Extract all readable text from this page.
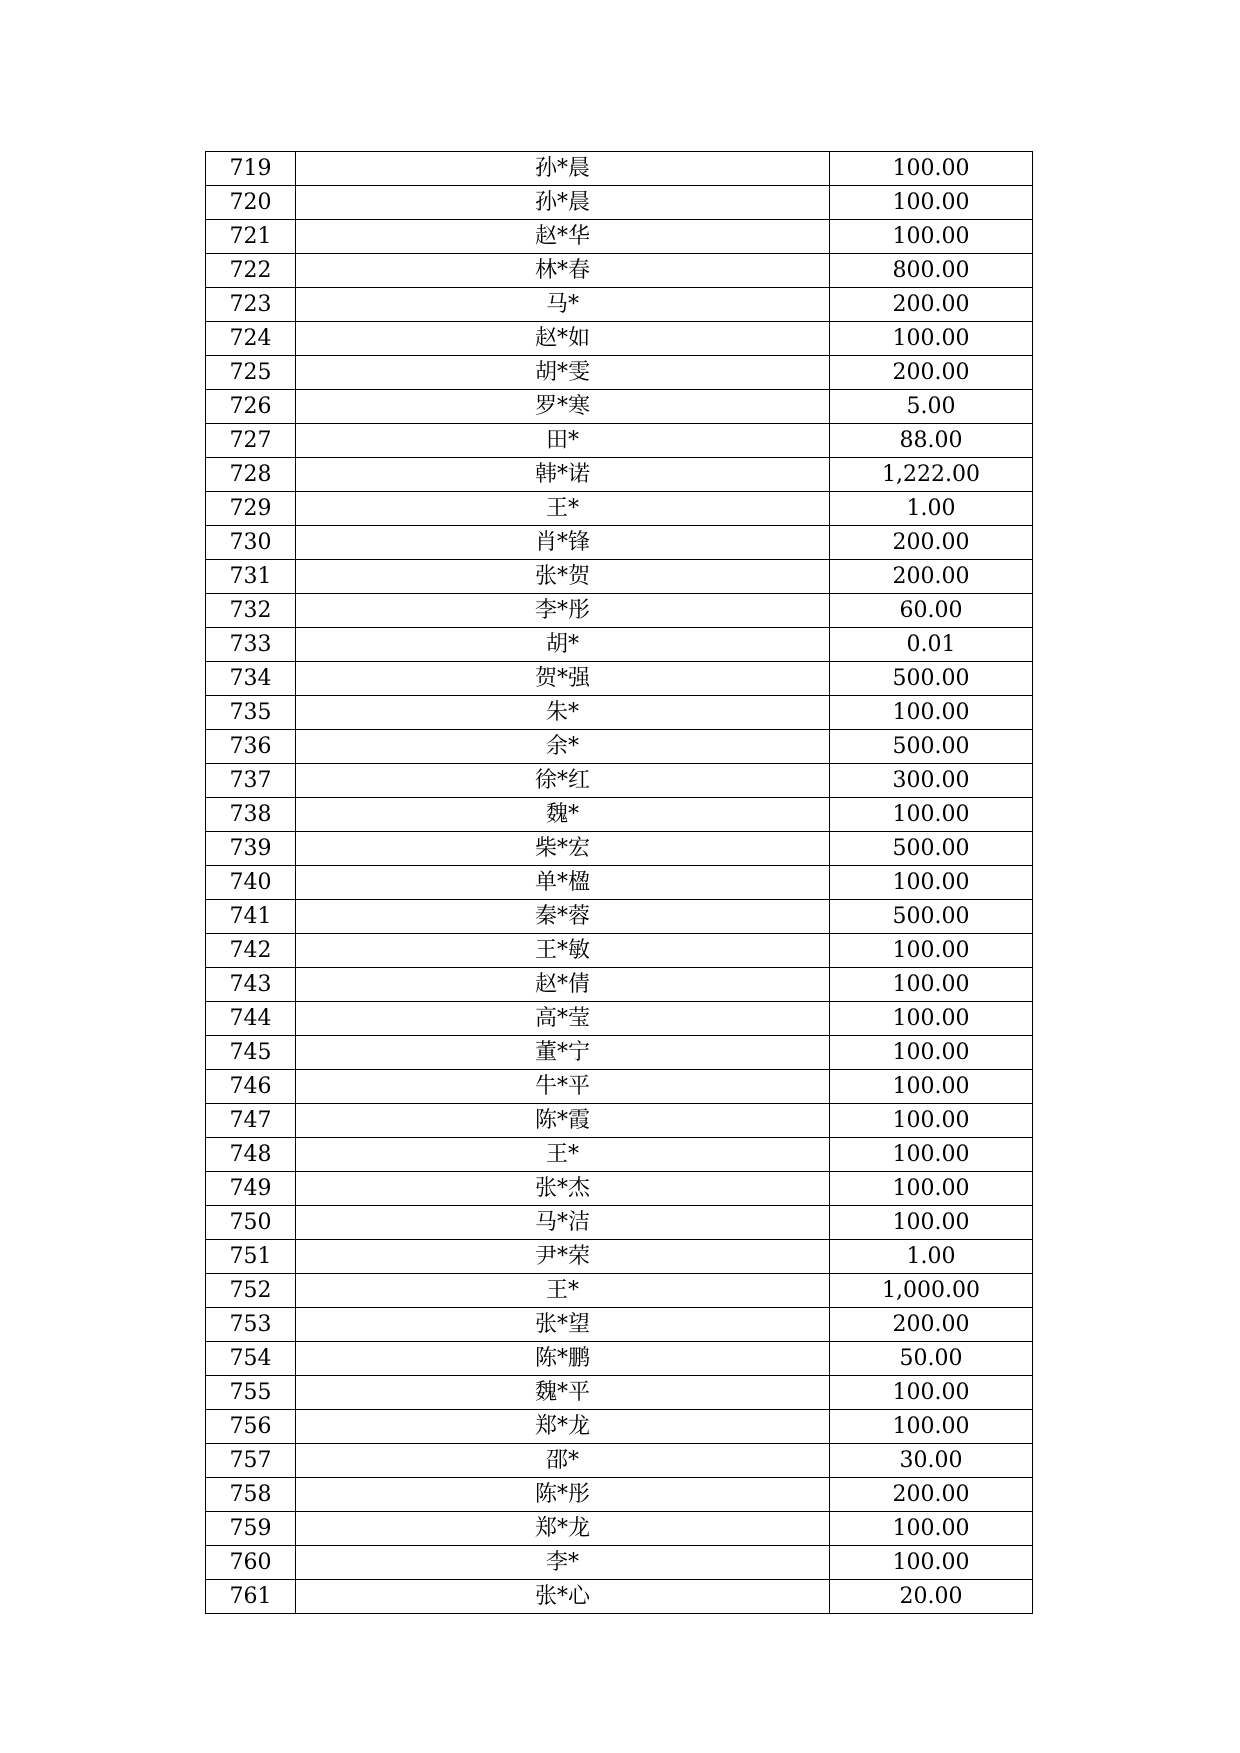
719	孙*晨	100.00
720	孙*晨	100.00
721	赵*华	100.00
722	林*春	800.00
723	马*	200.00
724	赵*如	100.00
725	胡*雯	200.00
726	罗*寒	5.00
727	田*	88.00
728	韩*诺	1,222.00
729	王*	1.00
730	肖*锋	200.00
731	张*贺	200.00
732	李*彤	60.00
733	胡*	0.01
734	贺*强	500.00
735	朱*	100.00
736	余*	500.00
737	徐*红	300.00
738	魏*	100.00
739	柴*宏	500.00
740	单*楹	100.00
741	秦*蓉	500.00
742	王*敏	100.00
743	赵*倩	100.00
744	高*莹	100.00
745	董*宁	100.00
746	牛*平	100.00
747	陈*霞	100.00
748	王*	100.00
749	张*杰	100.00
750	马*洁	100.00
751	尹*荣	1.00
752	王*	1,000.00
753	张*望	200.00
754	陈*鹏	50.00
755	魏*平	100.00
756	郑*龙	100.00
757	邵*	30.00
758	陈*彤	200.00
759	郑*龙	100.00
760	李*	100.00
761	张*心	20.00
